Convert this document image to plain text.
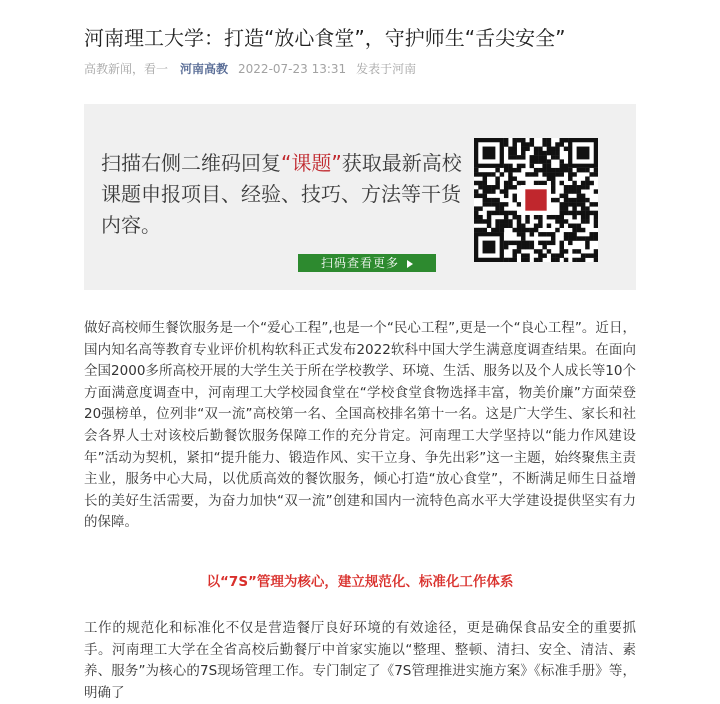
河南理工大学：打造“放心食堂”，守护师生“舌尖安全”
高教新闻，看一 河南高教 2022-07-23 13:31 发表于河南
扫描右侧二维码回复“课题”获取最新高校课题申报项目、经验、技巧、方法等干货内容。
扫码查看更多

做好高校师生餐饮服务是一个“爱心工程”,也是一个“民心工程”,更是一个“良心工程”。近日，国内知名高等教育专业评价机构软科正式发布2022软科中国大学生满意度调查结果。在面向全国2000多所高校开展的大学生关于所在学校教学、环境、生活、服务以及个人成长等10个方面满意度调查中，河南理工大学校园食堂在“学校食堂食物选择丰富，物美价廉”方面荣登20强榜单，位列非“双一流”高校第一名、全国高校排名第十一名。这是广大学生、家长和社会各界人士对该校后勤餐饮服务保障工作的充分肯定。河南理工大学坚持以“能力作风建设年”活动为契机，紧扣“提升能力、锻造作风、实干立身、争先出彩”这一主题，始终聚焦主责主业，服务中心大局，以优质高效的餐饮服务，倾心打造“放心食堂”，不断满足师生日益增长的美好生活需要，为奋力加快“双一流”创建和国内一流特色高水平大学建设提供坚实有力的保障。

以“7S”管理为核心，建立规范化、标准化工作体系

工作的规范化和标准化不仅是营造餐厅良好环境的有效途径，更是确保食品安全的重要抓手。河南理工大学在全省高校后勤餐厅中首家实施以“整理、整顿、清扫、安全、清洁、素养、服务”为核心的7S现场管理工作。专门制定了《7S管理推进实施方案》《标准手册》等，明确了
